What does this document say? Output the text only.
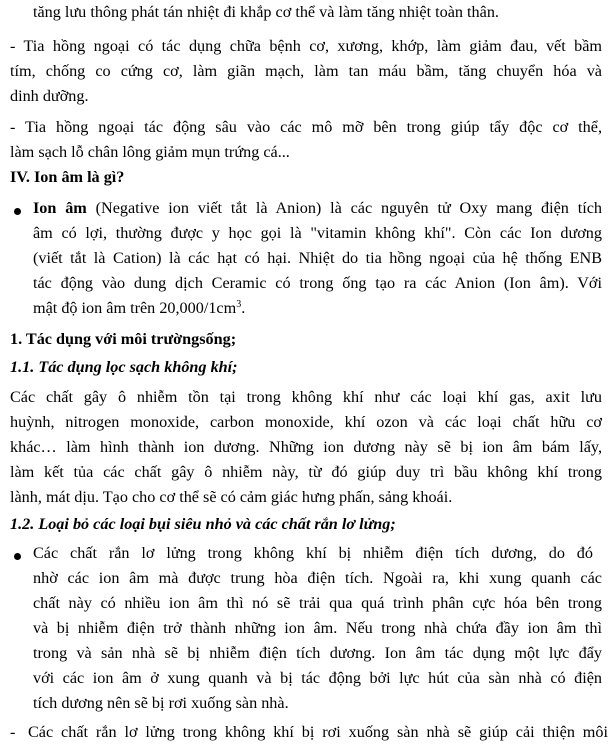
tăng lưu thông phát tán nhiệt đi khắp cơ thể và làm tăng nhiệt toàn thân.
- Tia hồng ngoại có tác dụng chữa bệnh cơ, xương, khớp, làm giảm đau, vết bầm
tím, chống co cứng cơ, làm giãn mạch, làm tan máu bầm, tăng chuyển hóa và
dinh dưỡng.
- Tia hồng ngoại tác động sâu vào các mô mỡ bên trong giúp tẩy độc cơ thể,
làm sạch lỗ chân lông giảm mụn trứng cá...
IV. Ion âm là gì?
Ion âm (Negative ion viết tắt là Anion) là các nguyên tử Oxy mang điện tích
âm có lợi, thường được y học gọi là "vitamin không khí". Còn các Ion dương
(viết tắt là Cation) là các hạt có hại. Nhiệt do tia hồng ngoại của hệ thống ENB
tác động vào dung dịch Ceramic có trong ống tạo ra các Anion (Ion âm). Với
mật độ ion âm trên $20,000/1cm^3$.
1. Tác dụng với môi trườngsống;
1.1. Tác dụng lọc sạch không khí;
Các chất gây ô nhiễm tồn tại trong không khí như các loại khí gas, axit lưu
huỳnh, nitrogen monoxide, carbon monoxide, khí ozon và các loại chất hữu cơ
khác… làm hình thành ion dương. Những ion dương này sẽ bị ion âm bám lấy,
làm kết tủa các chất gây ô nhiễm này, từ đó giúp duy trì bầu không khí trong
lành, mát dịu. Tạo cho cơ thể sẽ có cảm giác hưng phấn, sảng khoái.
1.2. Loại bỏ các loại bụi siêu nhỏ và các chất rắn lơ lửng;
Các chất rắn lơ lửng trong không khí bị nhiễm điện tích dương, do đó
nhờ các ion âm mà được trung hòa điện tích. Ngoài ra, khi xung quanh các
chất này có nhiều ion âm thì nó sẽ trải qua quá trình phân cực hóa bên trong
và bị nhiễm điện trở thành những ion âm. Nếu trong nhà chứa đầy ion âm thì
trong và sản nhà sẽ bị nhiễm điện tích dương. Ion âm tác dụng một lực đẩy
với các ion âm ở xung quanh và bị tác động bởi lực hút của sàn nhà có điện
tích dương nên sẽ bị rơi xuống sàn nhà.
- Các chất rắn lơ lửng trong không khí bị rơi xuống sàn nhà sẽ giúp cải thiện môi
